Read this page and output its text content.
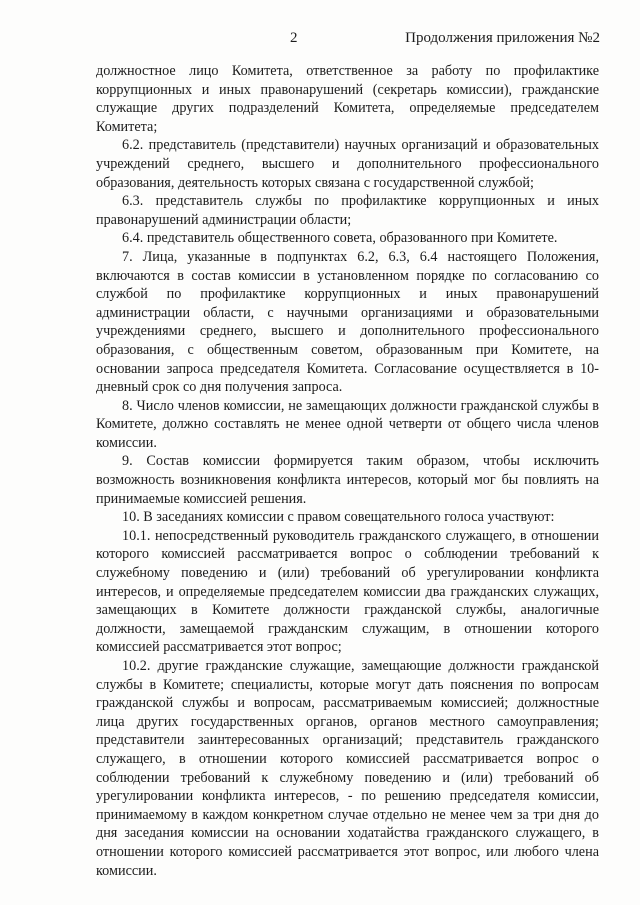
2	Продолжения приложения №2

должностное лицо Комитета, ответственное за работу по профилактике коррупционных и иных правонарушений (секретарь комиссии), гражданские служащие других подразделений Комитета, определяемые председателем Комитета;

6.2. представитель (представители) научных организаций и образовательных учреждений среднего, высшего и дополнительного профессионального образования, деятельность которых связана с государственной службой;

6.3. представитель службы по профилактике коррупционных и иных правонарушений администрации области;

6.4. представитель общественного совета, образованного при Комитете.

7. Лица, указанные в подпунктах 6.2, 6.3, 6.4 настоящего Положения, включаются в состав комиссии в установленном порядке по согласованию со службой по профилактике коррупционных и иных правонарушений администрации области, с научными организациями и образовательными учреждениями среднего, высшего и дополнительного профессионального образования, с общественным советом, образованным при Комитете, на основании запроса председателя Комитета. Согласование осуществляется в 10-дневный срок со дня получения запроса.

8. Число членов комиссии, не замещающих должности гражданской службы в Комитете, должно составлять не менее одной четверти от общего числа членов комиссии.

9. Состав комиссии формируется таким образом, чтобы исключить возможность возникновения конфликта интересов, который мог бы повлиять на принимаемые комиссией решения.

10. В заседаниях комиссии с правом совещательного голоса участвуют:

10.1. непосредственный руководитель гражданского служащего, в отношении которого комиссией рассматривается вопрос о соблюдении требований к служебному поведению и (или) требований об урегулировании конфликта интересов, и определяемые председателем комиссии два гражданских служащих, замещающих в Комитете должности гражданской службы, аналогичные должности, замещаемой гражданским служащим, в отношении которого комиссией рассматривается этот вопрос;

10.2. другие гражданские служащие, замещающие должности гражданской службы в Комитете; специалисты, которые могут дать пояснения по вопросам гражданской службы и вопросам, рассматриваемым комиссией; должностные лица других государственных органов, органов местного самоуправления; представители заинтересованных организаций; представитель гражданского служащего, в отношении которого комиссией рассматривается вопрос о соблюдении требований к служебному поведению и (или) требований об урегулировании конфликта интересов, - по решению председателя комиссии, принимаемому в каждом конкретном случае отдельно не менее чем за три дня до дня заседания комиссии на основании ходатайства гражданского служащего, в отношении которого комиссией рассматривается этот вопрос, или любого члена комиссии.
